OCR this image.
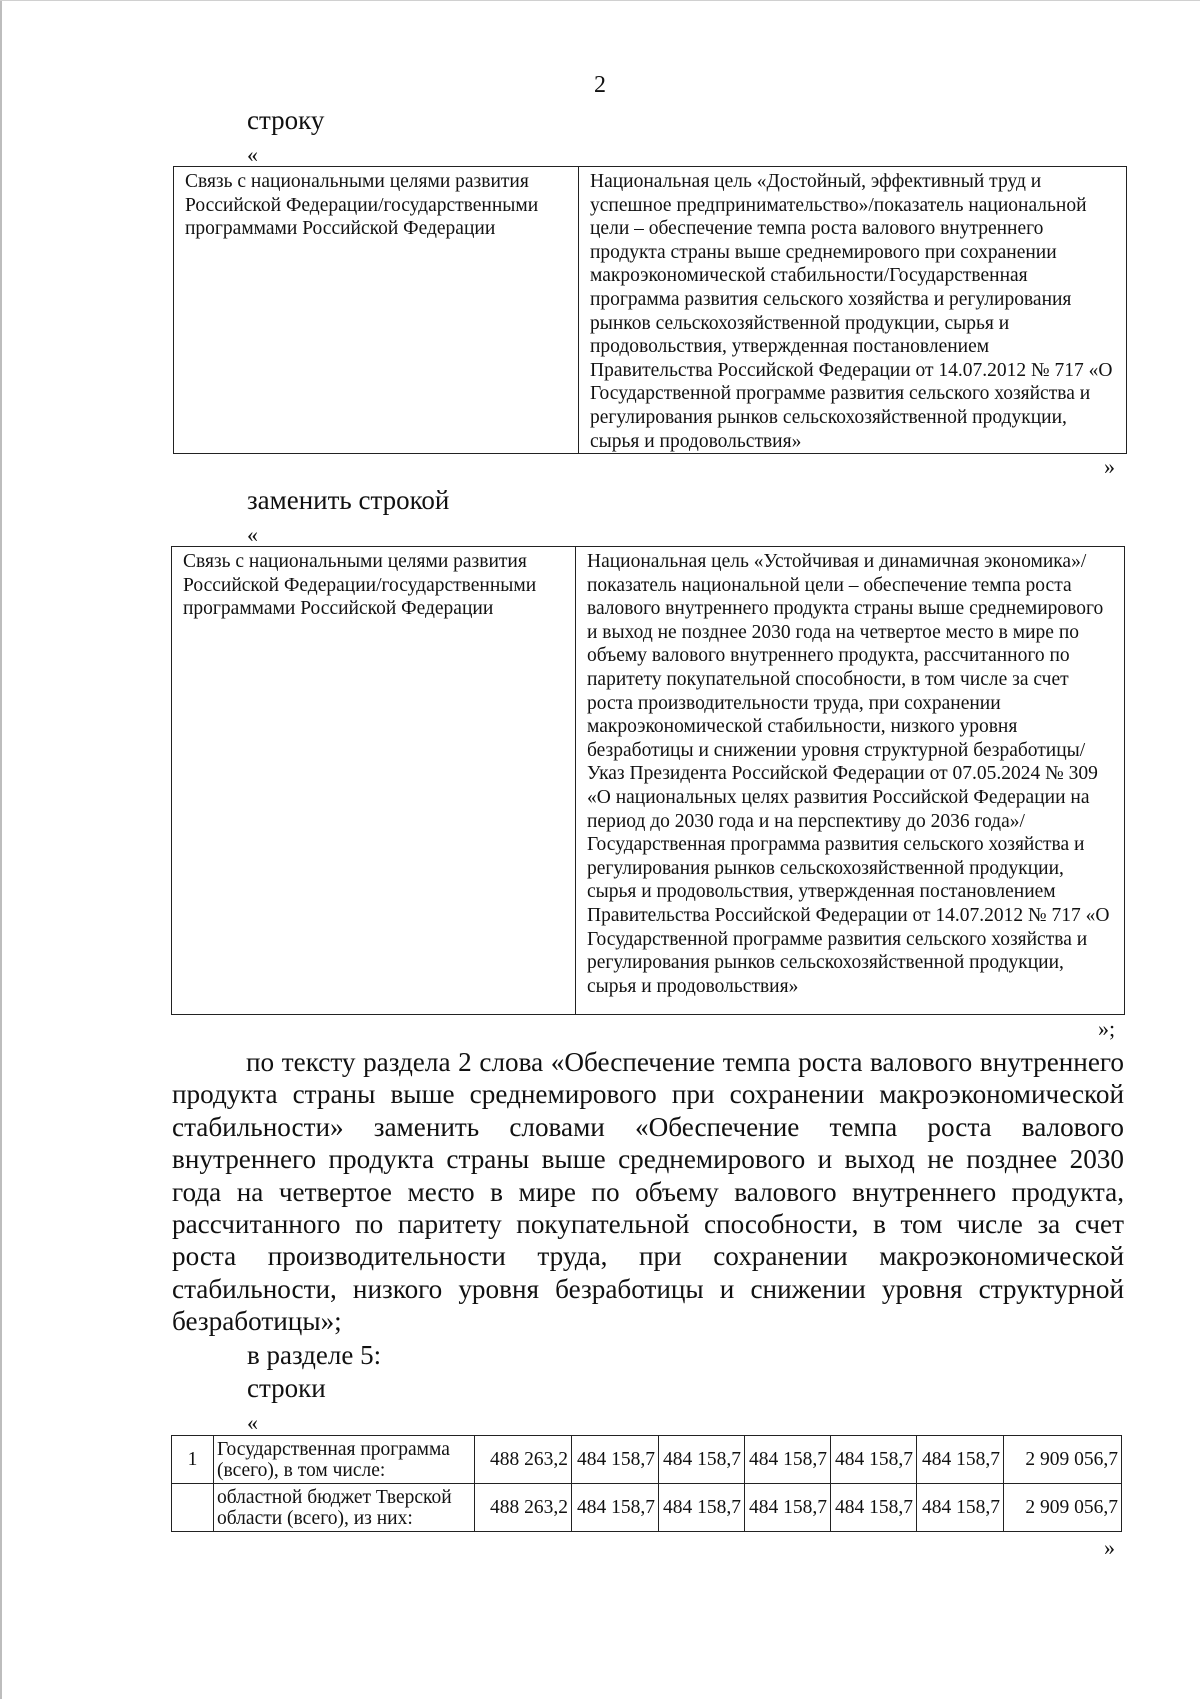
2
строку
«
Связь с национальными целями развития Российской Федерации/государственными программами Российской Федерации	Национальная цель «Достойный, эффективный труд и успешное предпринимательство»/показатель национальной цели – обеспечение темпа роста валового внутреннего продукта страны выше среднемирового при сохранении макроэкономической стабильности/Государственная программа развития сельского хозяйства и регулирования рынков сельскохозяйственной продукции, сырья и продовольствия, утвержденная постановлением Правительства Российской Федерации от 14.07.2012 № 717 «О Государственной программе развития сельского хозяйства и регулирования рынков сельскохозяйственной продукции, сырья и продовольствия»
»
заменить строкой
«
Связь с национальными целями развития Российской Федерации/государственными программами Российской Федерации	Национальная цель «Устойчивая и динамичная экономика»/показатель национальной цели – обеспечение темпа роста валового внутреннего продукта страны выше среднемирового и выход не позднее 2030 года на четвертое место в мире по объему валового внутреннего продукта, рассчитанного по паритету покупательной способности, в том числе за счет роста производительности труда, при сохранении макроэкономической стабильности, низкого уровня безработицы и снижении уровня структурной безработицы/Указ Президента Российской Федерации от 07.05.2024 № 309 «О национальных целях развития Российской Федерации на период до 2030 года и на перспективу до 2036 года»/Государственная программа развития сельского хозяйства и регулирования рынков сельскохозяйственной продукции, сырья и продовольствия, утвержденная постановлением Правительства Российской Федерации от 14.07.2012 № 717 «О Государственной программе развития сельского хозяйства и регулирования рынков сельскохозяйственной продукции, сырья и продовольствия»
»;

по тексту раздела 2 слова «Обеспечение темпа роста валового внутреннего продукта страны выше среднемирового при сохранении макроэкономической стабильности» заменить словами «Обеспечение темпа роста валового внутреннего продукта страны выше среднемирового и выход не позднее 2030 года на четвертое место в мире по объему валового внутреннего продукта, рассчитанного по паритету покупательной способности, в том числе за счет роста производительности труда, при сохранении макроэкономической стабильности, низкого уровня безработицы и снижении уровня структурной безработицы»;

в разделе 5:
строки
«
1	Государственная программа (всего), в том числе:	488 263,2	484 158,7	484 158,7	484 158,7	484 158,7	484 158,7	2 909 056,7
	областной бюджет Тверской области (всего), из них:	488 263,2	484 158,7	484 158,7	484 158,7	484 158,7	484 158,7	2 909 056,7
»
